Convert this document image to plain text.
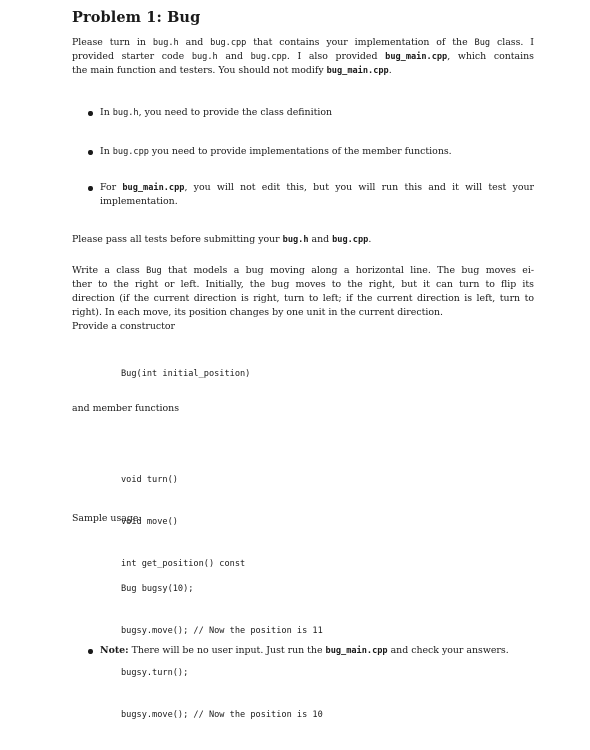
Problem 1: Bug
Please turn in bug.h and bug.cpp that contains your implementation of the Bug class. I
provided starter code bug.h and bug.cpp. I also provided bug_main.cpp, which contains
the main function and testers. You should not modify bug_main.cpp.
In bug.h, you need to provide the class definition
In bug.cpp you need to provide implementations of the member functions.
For bug_main.cpp, you will not edit this, but you will run this and it will test your
implementation.
Please pass all tests before submitting your bug.h and bug.cpp.
Write a class Bug that models a bug moving along a horizontal line. The bug moves ei-
ther to the right or left. Initially, the bug moves to the right, but it can turn to flip its
direction (if the current direction is right, turn to left; if the current direction is left, turn to
right). In each move, its position changes by one unit in the current direction.
Provide a constructor
Bug(int initial_position)
and member functions

void turn()

void move()

int get_position() const

Sample usage:

Bug bugsy(10);

bugsy.move(); // Now the position is 11

bugsy.turn();

bugsy.move(); // Now the position is 10

Note: There will be no user input. Just run the bug_main.cpp and check your answers.
